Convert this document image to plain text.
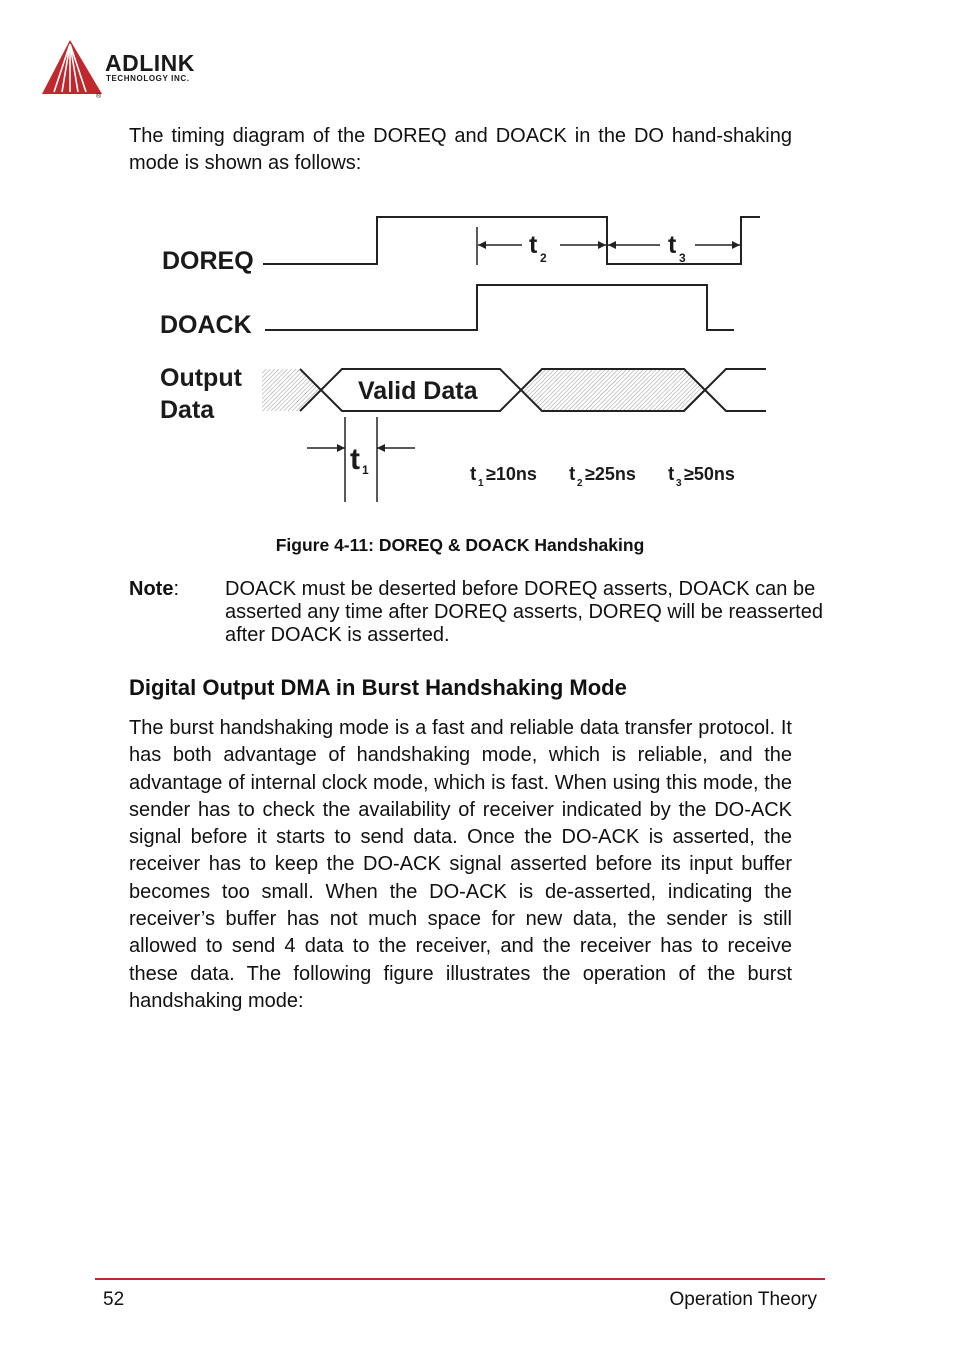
®
ADLINK
TECHNOLOGY INC.
The timing diagram of the DOREQ and DOACK in the DO hand-shaking mode is shown as follows:
DOREQ
DOACK
Output
Data
Valid Data
t 2	t 3
t 1	t 1 ≥10ns t 2 ≥25ns t 3 ≥50ns
Figure 4-11: DOREQ & DOACK Handshaking
Note: DOACK must be deserted before DOREQ asserts, DOACK can be asserted any time after DOREQ asserts, DOREQ will be reasserted after DOACK is asserted.
Digital Output DMA in Burst Handshaking Mode
The burst handshaking mode is a fast and reliable data transfer protocol. It has both advantage of handshaking mode, which is reliable, and the advantage of internal clock mode, which is fast. When using this mode, the sender has to check the availability of receiver indicated by the DO-ACK signal before it starts to send data. Once the DO-ACK is asserted, the receiver has to keep the DO-ACK signal asserted before its input buffer becomes too small. When the DO-ACK is de-asserted, indicating the receiver’s buffer has not much space for new data, the sender is still allowed to send 4 data to the receiver, and the receiver has to receive these data. The following figure illustrates the operation of the burst handshaking mode:
52	Operation Theory
